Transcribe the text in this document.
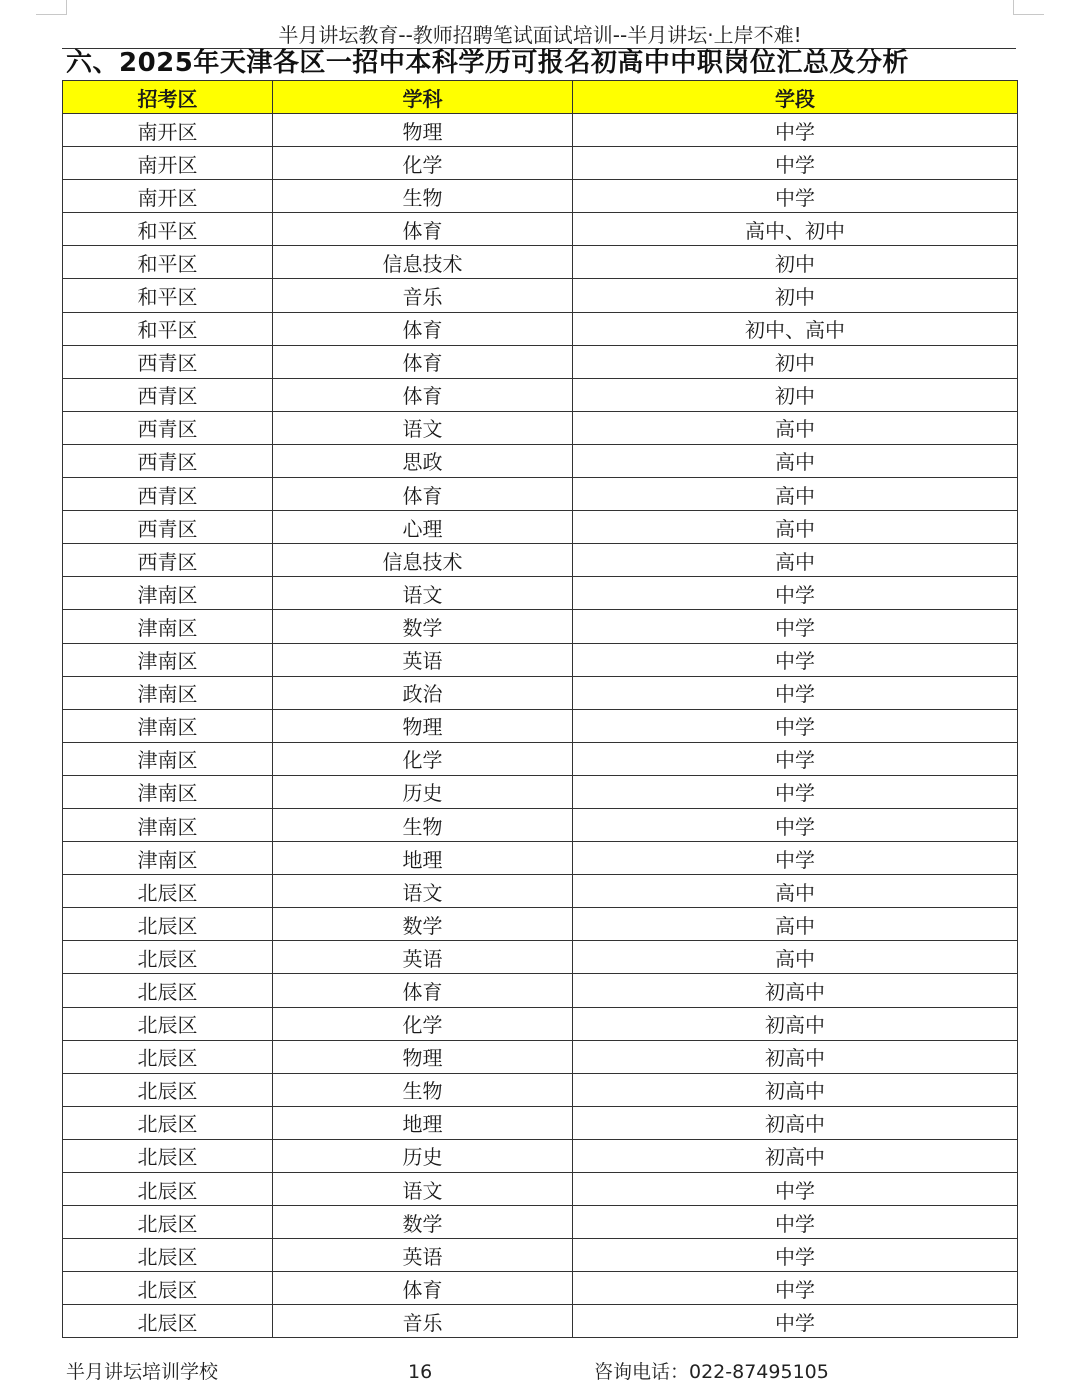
半月讲坛教育--教师招聘笔试面试培训--半月讲坛·上岸不难!
六、2025年天津各区一招中本科学历可报名初高中中职岗位汇总及分析
招考区	学科	学段
南开区	物理	中学
南开区	化学	中学
南开区	生物	中学
和平区	体育	高中、初中
和平区	信息技术	初中
和平区	音乐	初中
和平区	体育	初中、高中
西青区	体育	初中
西青区	体育	初中
西青区	语文	高中
西青区	思政	高中
西青区	体育	高中
西青区	心理	高中
西青区	信息技术	高中
津南区	语文	中学
津南区	数学	中学
津南区	英语	中学
津南区	政治	中学
津南区	物理	中学
津南区	化学	中学
津南区	历史	中学
津南区	生物	中学
津南区	地理	中学
北辰区	语文	高中
北辰区	数学	高中
北辰区	英语	高中
北辰区	体育	初高中
北辰区	化学	初高中
北辰区	物理	初高中
北辰区	生物	初高中
北辰区	地理	初高中
北辰区	历史	初高中
北辰区	语文	中学
北辰区	数学	中学
北辰区	英语	中学
北辰区	体育	中学
北辰区	音乐	中学
半月讲坛培训学校	16	咨询电话：022-87495105
